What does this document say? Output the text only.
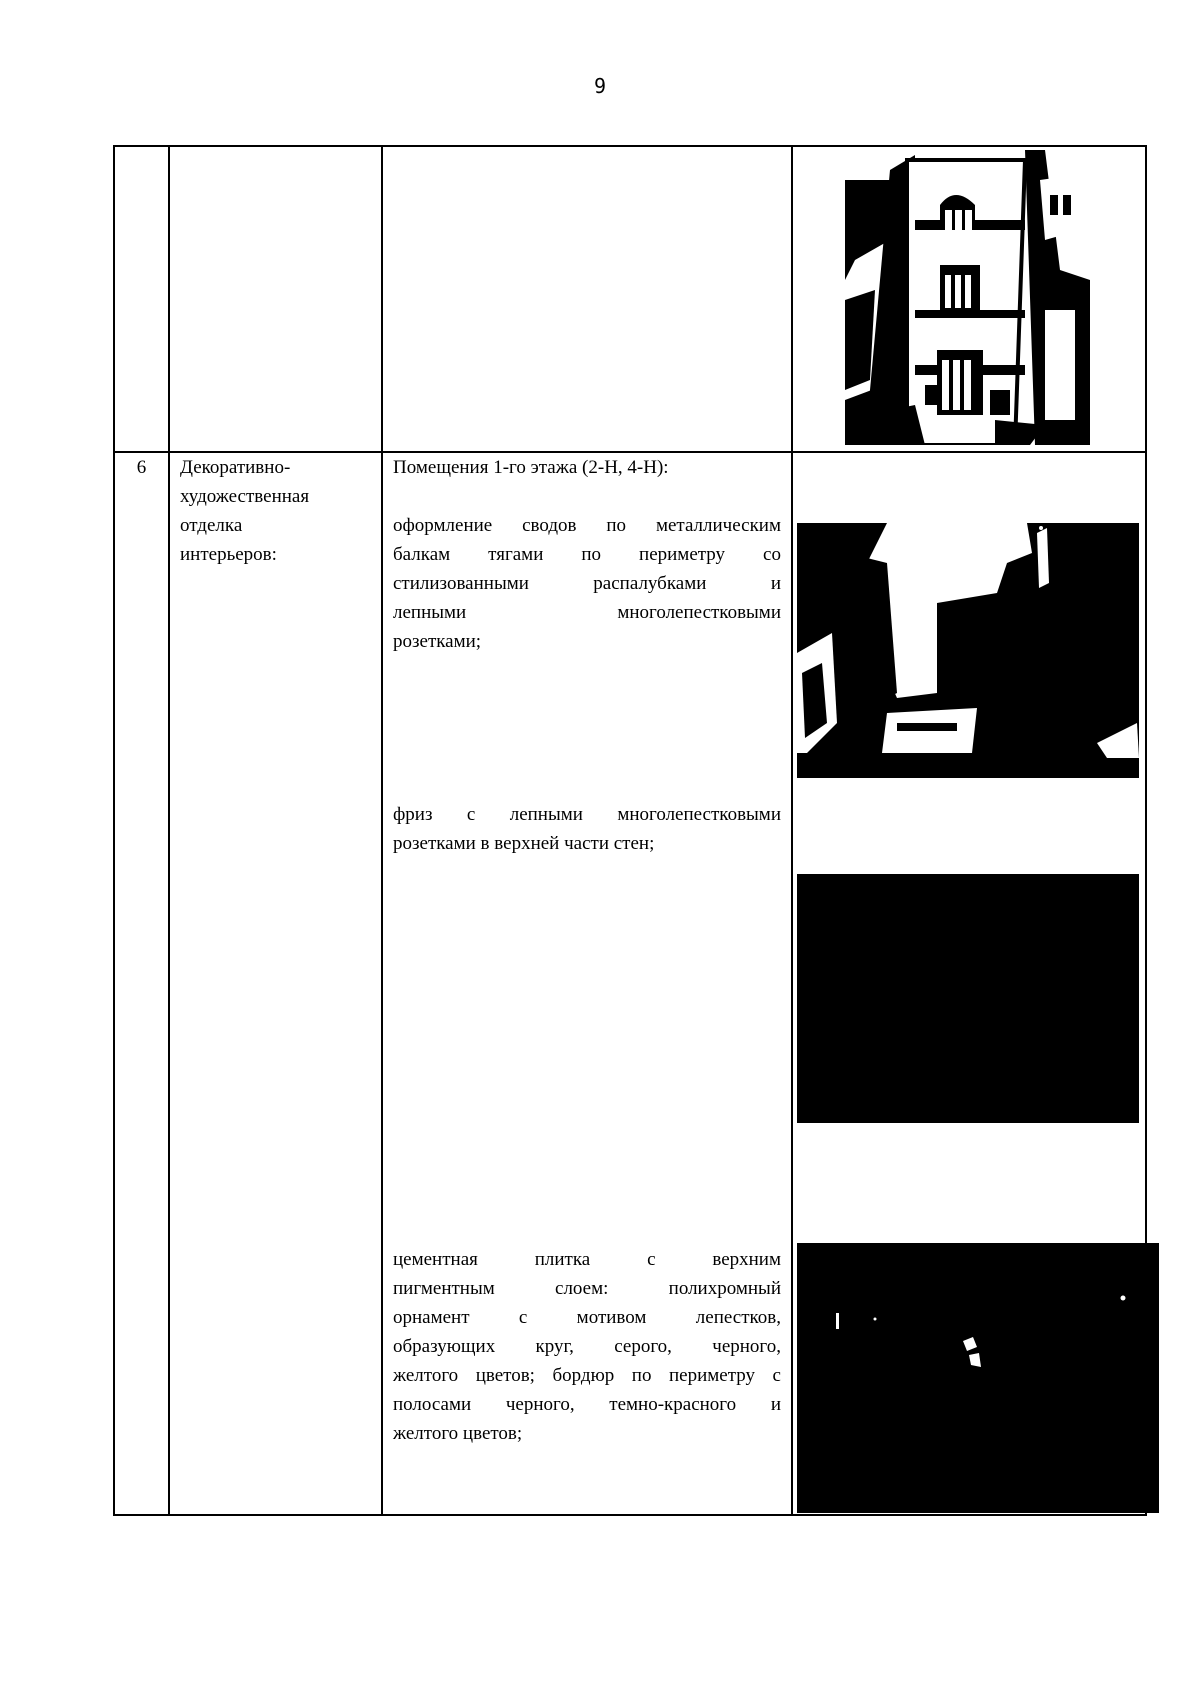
9
6	Декоративно-
художественная
отделка
интерьеров:
Помещения 1-го этажа (2-Н, 4-Н):
оформление сводов по металлическим
балкам тягами по периметру со
стилизованными распалубками и
лепными многолепестковыми
розетками;
фриз с лепными многолепестковыми
розетками в верхней части стен;
цементная плитка с верхним
пигментным слоем: полихромный
орнамент с мотивом лепестков,
образующих круг, серого, черного,
желтого цветов; бордюр по периметру с
полосами черного, темно-красного и
желтого цветов;
